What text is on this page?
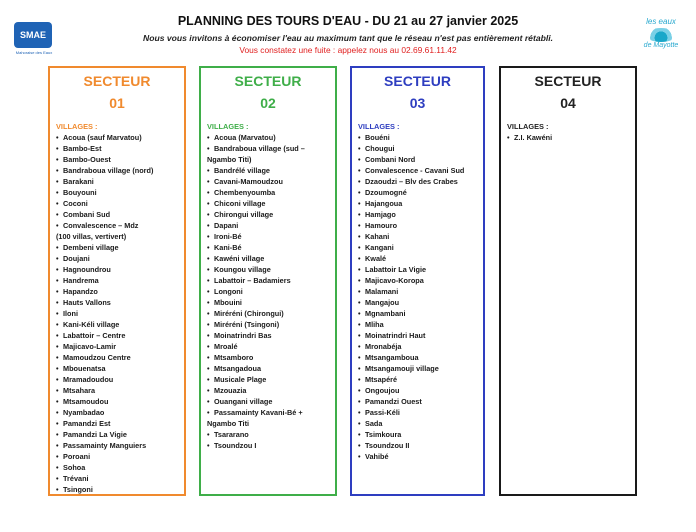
SMAE
Mahoraise des Eaux
les eaux
de Mayotte
PLANNING DES TOURS D'EAU - DU 21 au 27 janvier 2025
Nous vous invitons à économiser l'eau au maximum tant que le réseau n'est pas entièrement rétabli.
Vous constatez une fuite : appelez nous au 02.69.61.11.42
SECTEUR
01
VILLAGES :
• Acoua (sauf Marvatou)
• Bambo-Est
• Bambo-Ouest
• Bandraboua village (nord)
• Barakani
• Bouyouni
• Coconi
• Combani Sud
• Convalescence – Mdz
(100 villas, vertivert)
• Dembeni village
• Doujani
• Hagnoundrou
• Handrema
• Hapandzo
• Hauts Vallons
• Iloni
• Kani-Kéli village
• Labattoir – Centre
• Majicavo-Lamir
• Mamoudzou Centre
• Mbouenatsa
• Mramadoudou
• Mtsahara
• Mtsamoudou
• Nyambadao
• Pamandzi Est
• Pamandzi La Vigie
• Passamainty Manguiers
• Poroani
• Sohoa
• Trévani
• Tsingoni
SECTEUR
02
VILLAGES :
• Acoua (Marvatou)
• Bandraboua village (sud –
Ngambo Titi)
• Bandrélé village
• Cavani-Mamoudzou
• Chembenyoumba
• Chiconi village
• Chirongui village
• Dapani
• Ironi-Bé
• Kani-Bé
• Kawéni village
• Koungou village
• Labattoir – Badamiers
• Longoni
• Mbouini
• Miréréni (Chirongui)
• Miréréni (Tsingoni)
• Moinatrindri Bas
• Mroalé
• Mtsamboro
• Mtsangadoua
• Musicale Plage
• Mzouazia
• Ouangani village
• Passamainty Kavani-Bé +
Ngambo Titi
• Tsararano
• Tsoundzou I
SECTEUR
03
VILLAGES :
• Bouéni
• Chougui
• Combani Nord
• Convalescence - Cavani Sud
• Dzaoudzi – Blv des Crabes
• Dzoumogné
• Hajangoua
• Hamjago
• Hamouro
• Kahani
• Kangani
• Kwalé
• Labattoir La Vigie
• Majicavo-Koropa
• Malamani
• Mangajou
• Mgnambani
• Mliha
• Moinatrindri Haut
• Mronabéja
• Mtsangamboua
• Mtsangamouji village
• Mtsapéré
• Ongoujou
• Pamandzi Ouest
• Passi-Kéli
• Sada
• Tsimkoura
• Tsoundzou II
• Vahibé
SECTEUR
04
VILLAGES :
• Z.I. Kawéni
